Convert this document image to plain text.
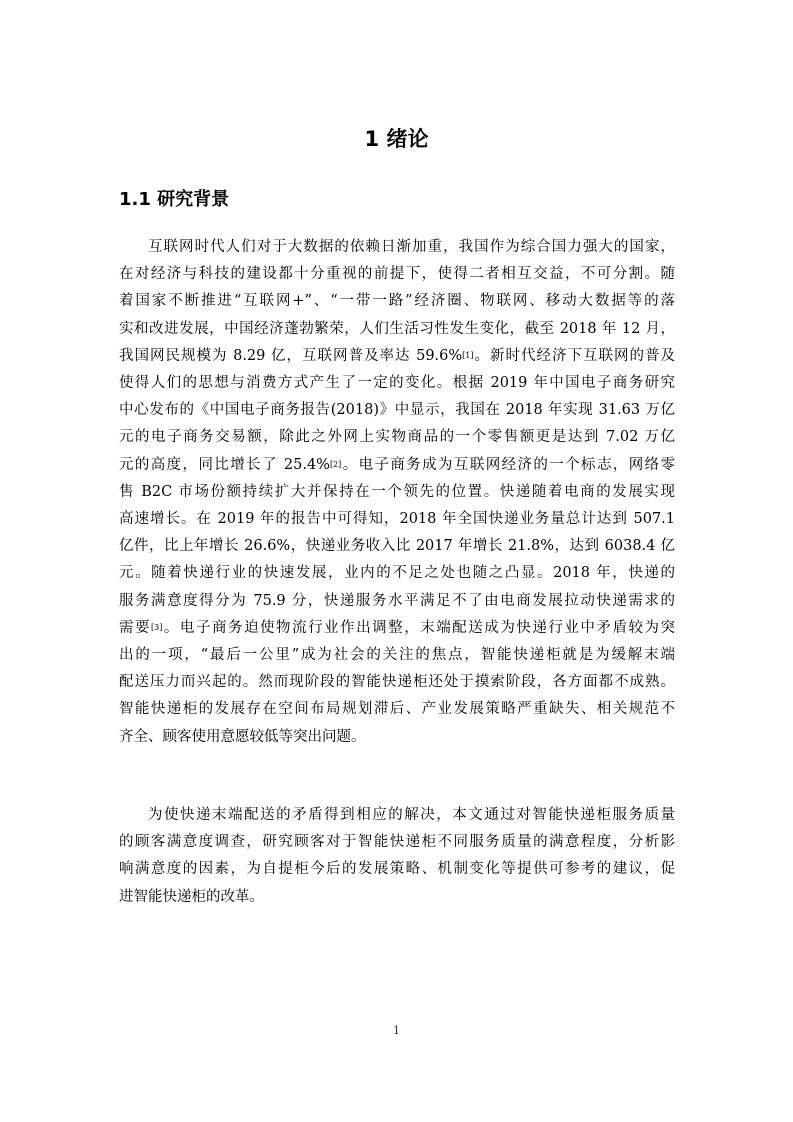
1 绪论
1.1 研究背景
互联网时代人们对于大数据的依赖日渐加重，我国作为综合国力强大的国家，
在对经济与科技的建设都十分重视的前提下，使得二者相互交益，不可分割。随
着国家不断推进“互联网+”、“一带一路”经济圈、物联网、移动大数据等的落
实和改进发展，中国经济蓬勃繁荣，人们生活习性发生变化，截至 2018 年 12 月，
我国网民规模为 8.29 亿，互联网普及率达 59.6%[1]。新时代经济下互联网的普及
使得人们的思想与消费方式产生了一定的变化。根据 2019 年中国电子商务研究
中心发布的《中国电子商务报告(2018)》中显示，我国在 2018 年实现 31.63 万亿
元的电子商务交易额，除此之外网上实物商品的一个零售额更是达到 7.02 万亿
元的高度，同比增长了 25.4%[2]。电子商务成为互联网经济的一个标志，网络零
售 B2C 市场份额持续扩大并保持在一个领先的位置。快递随着电商的发展实现
高速增长。在 2019 年的报告中可得知，2018 年全国快递业务量总计达到 507.1
亿件，比上年增长 26.6%，快递业务收入比 2017 年增长 21.8%，达到 6038.4 亿
元。随着快递行业的快速发展，业内的不足之处也随之凸显。2018 年，快递的
服务满意度得分为 75.9 分，快递服务水平满足不了由电商发展拉动快递需求的
需要[3]。电子商务迫使物流行业作出调整，末端配送成为快递行业中矛盾较为突
出的一项，“最后一公里”成为社会的关注的焦点，智能快递柜就是为缓解末端
配送压力而兴起的。然而现阶段的智能快递柜还处于摸索阶段，各方面都不成熟。
智能快递柜的发展存在空间布局规划滞后、产业发展策略严重缺失、相关规范不
齐全、顾客使用意愿较低等突出问题。
为使快递末端配送的矛盾得到相应的解决，本文通过对智能快递柜服务质量
的顾客满意度调查，研究顾客对于智能快递柜不同服务质量的满意程度，分析影
响满意度的因素，为自提柜今后的发展策略、机制变化等提供可参考的建议，促
进智能快递柜的改革。
1
